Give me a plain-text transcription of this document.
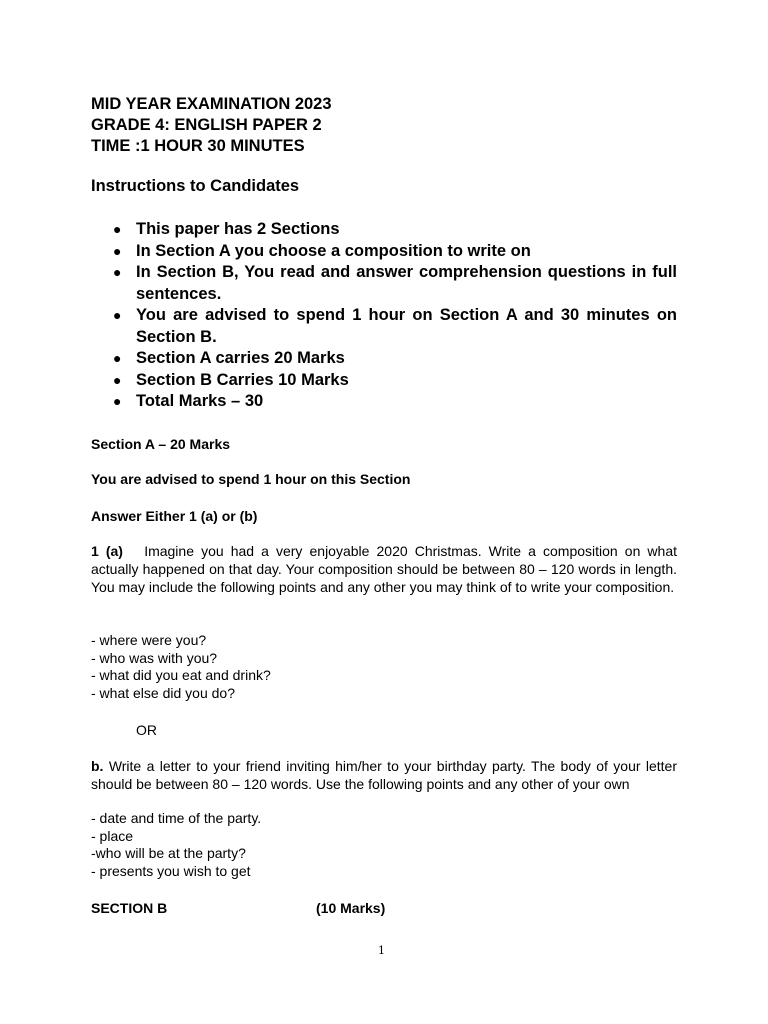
MID YEAR EXAMINATION 2023
GRADE 4: ENGLISH PAPER 2
TIME :1 HOUR 30 MINUTES
Instructions to Candidates
● This paper has 2 Sections
● In Section A you choose a composition to write on
● In Section B, You read and answer comprehension questions in full sentences.
● You are advised to spend 1 hour on Section A and 30 minutes on Section B.
● Section A carries 20 Marks
● Section B Carries 10 Marks
● Total Marks – 30
Section A – 20 Marks
You are advised to spend 1 hour on this Section
Answer Either 1 (a) or (b)
1 (a) Imagine you had a very enjoyable 2020 Christmas. Write a composition on what actually happened on that day. Your composition should be between 80 – 120 words in length. You may include the following points and any other you may think of to write your composition.
- where were you?
- who was with you?
- what did you eat and drink?
- what else did you do?
OR
b. Write a letter to your friend inviting him/her to your birthday party. The body of your letter should be between 80 – 120 words. Use the following points and any other of your own
- date and time of the party.
- place
-who will be at the party?
- presents you wish to get
SECTION B	(10 Marks)
1
